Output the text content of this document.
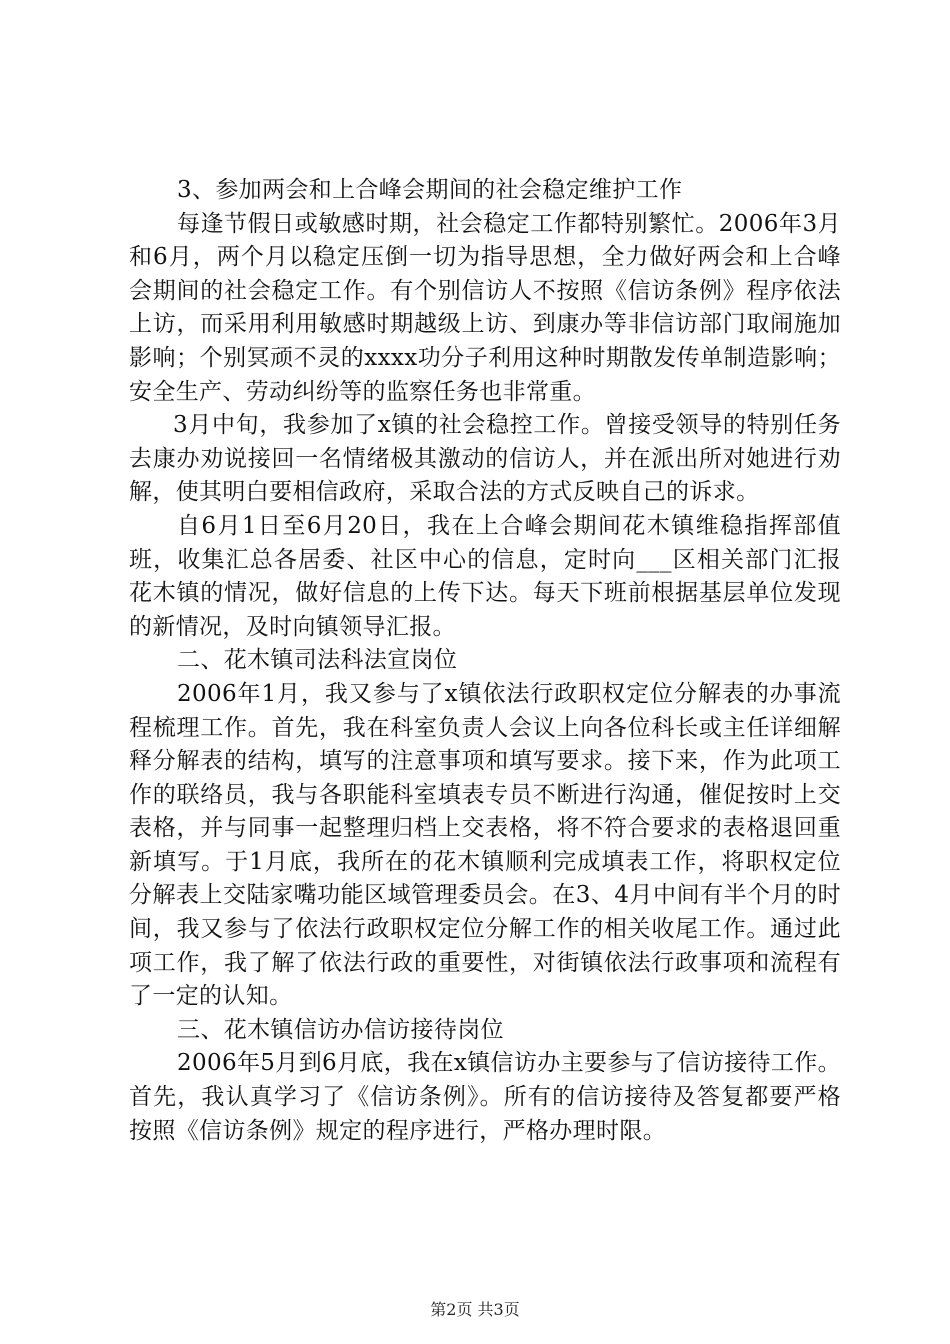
3、参加两会和上合峰会期间的社会稳定维护工作

每逢节假日或敏感时期，社会稳定工作都特别繁忙。2006年3月和6月，两个月以稳定压倒一切为指导思想，全力做好两会和上合峰会期间的社会稳定工作。有个别信访人不按照《信访条例》程序依法上访，而采用利用敏感时期越级上访、到康办等非信访部门取闹施加影响；个别冥顽不灵的xxxx功分子利用这种时期散发传单制造影响；安全生产、劳动纠纷等的监察任务也非常重。

3月中旬，我参加了x镇的社会稳控工作。曾接受领导的特别任务去康办劝说接回一名情绪极其激动的信访人，并在派出所对她进行劝解，使其明白要相信政府，采取合法的方式反映自己的诉求。

自6月1日至6月20日，我在上合峰会期间花木镇维稳指挥部值班，收集汇总各居委、社区中心的信息，定时向___区相关部门汇报花木镇的情况，做好信息的上传下达。每天下班前根据基层单位发现的新情况，及时向镇领导汇报。

二、花木镇司法科法宣岗位

2006年1月，我又参与了x镇依法行政职权定位分解表的办事流程梳理工作。首先，我在科室负责人会议上向各位科长或主任详细解释分解表的结构，填写的注意事项和填写要求。接下来，作为此项工作的联络员，我与各职能科室填表专员不断进行沟通，催促按时上交表格，并与同事一起整理归档上交表格，将不符合要求的表格退回重新填写。于1月底，我所在的花木镇顺利完成填表工作，将职权定位分解表上交陆家嘴功能区域管理委员会。在3、4月中间有半个月的时间，我又参与了依法行政职权定位分解工作的相关收尾工作。通过此项工作，我了解了依法行政的重要性，对街镇依法行政事项和流程有了一定的认知。

三、花木镇信访办信访接待岗位

2006年5月到6月底，我在x镇信访办主要参与了信访接待工作。首先，我认真学习了《信访条例》。所有的信访接待及答复都要严格按照《信访条例》规定的程序进行，严格办理时限。

第2页 共3页
